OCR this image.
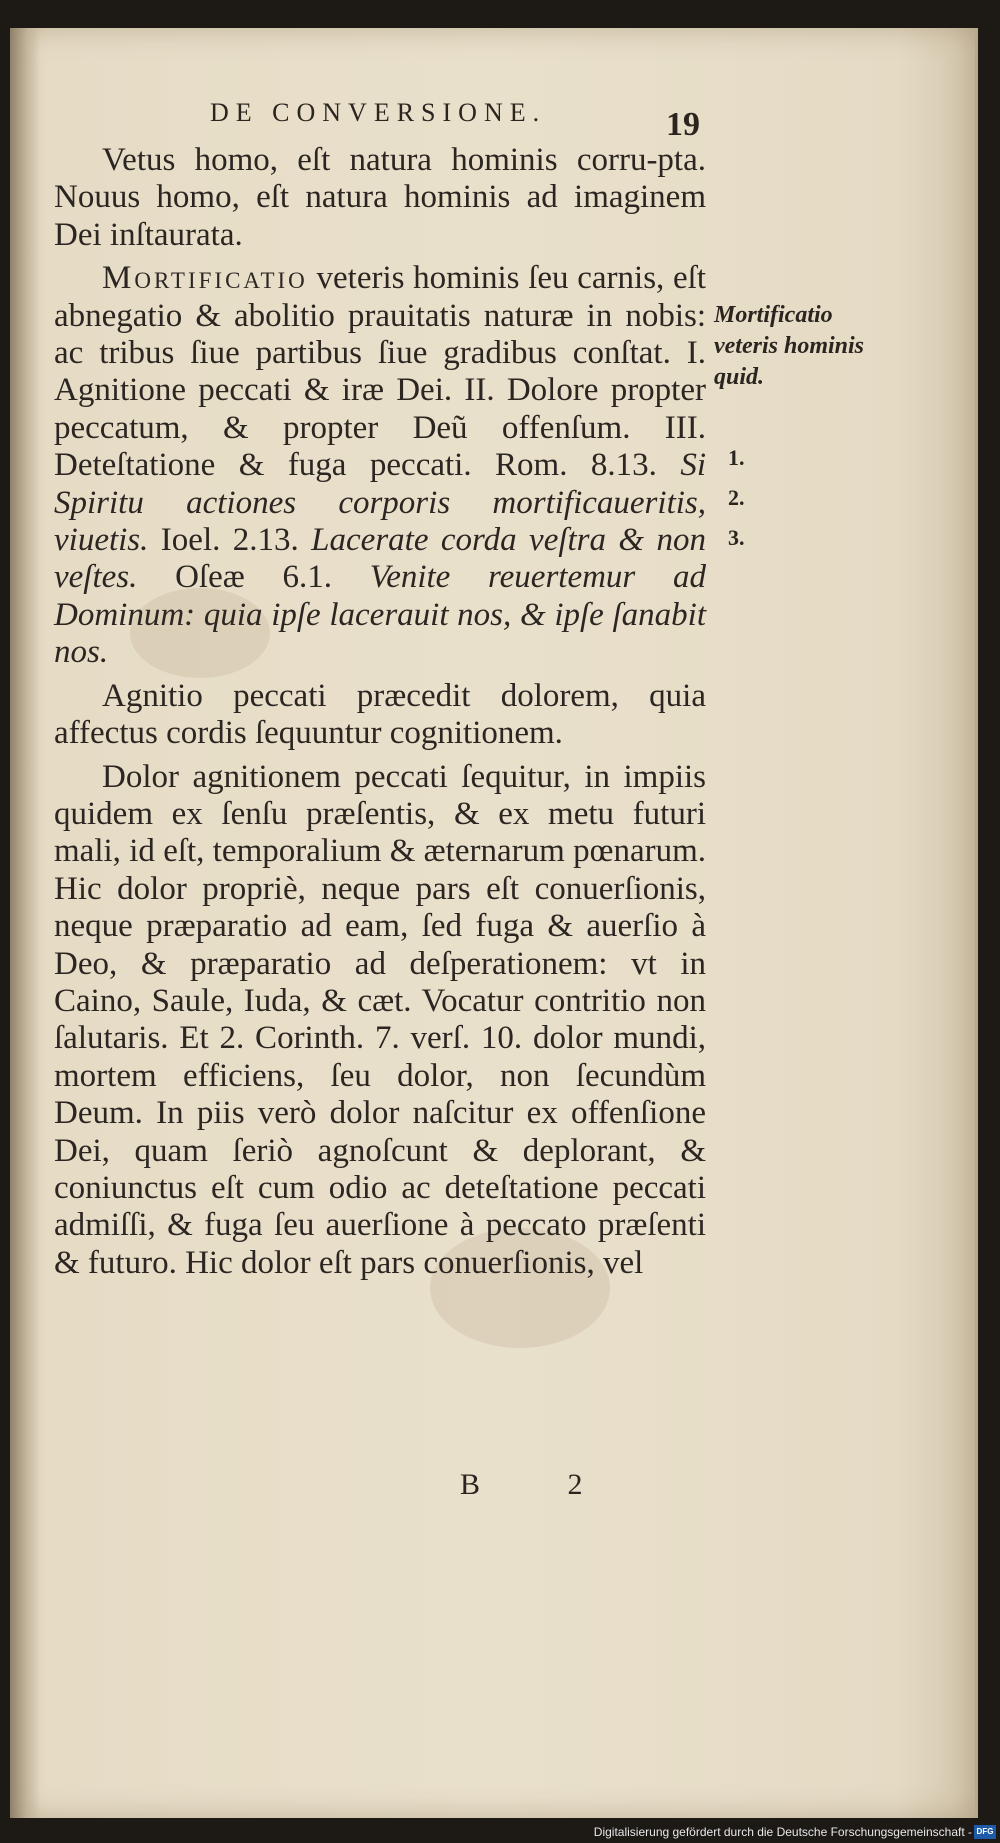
DE CONVERSIONE.	19

Vetus homo, eſt natura hominis corru-pta. Nouus homo, eſt natura hominis ad imaginem Dei inſtaurata.

Mortificatio veteris hominis ſeu carnis, eſt abnegatio & abolitio prauitatis naturæ in nobis: ac tribus ſiue partibus ſiue gradibus conſtat. I. Agnitione peccati & iræ Dei. II. Dolore propter peccatum, & propter Deũ offenſum. III. Deteſtatione & fuga peccati. Rom. 8.13. Si Spiritu actiones corporis mortificaueritis, viuetis. Ioel. 2.13. Lacerate corda veſtra & non veſtes. Oſeæ 6.1. Venite reuertemur ad Dominum: quia ipſe lacerauit nos, & ipſe ſanabit nos.

Agnitio peccati præcedit dolorem, quia affectus cordis ſequuntur cognitionem.

Dolor agnitionem peccati ſequitur, in impiis quidem ex ſenſu præſentis, & ex metu futuri mali, id eſt, temporalium & æternarum pœnarum. Hic dolor propriè, neque pars eſt conuerſionis, neque præparatio ad eam, ſed fuga & auerſio à Deo, & præparatio ad deſperationem: vt in Caino, Saule, Iuda, & cæt. Vocatur contritio non ſalutaris. Et 2. Corinth. 7. verſ. 10. dolor mundi, mortem efficiens, ſeu dolor, non ſecundùm Deum. In piis verò dolor naſcitur ex offenſione Dei, quam ſeriò agnoſcunt & deplorant, & coniunctus eſt cum odio ac deteſtatione peccati admiſſi, & fuga ſeu auerſione à peccato præſenti & futuro. Hic dolor eſt pars conuerſionis, vel

Mortificatio veteris hominis quid.
1.
2.
3.
B 2
Digitalisierung gefördert durch die Deutsche Forschungsgemeinschaft - DFG
